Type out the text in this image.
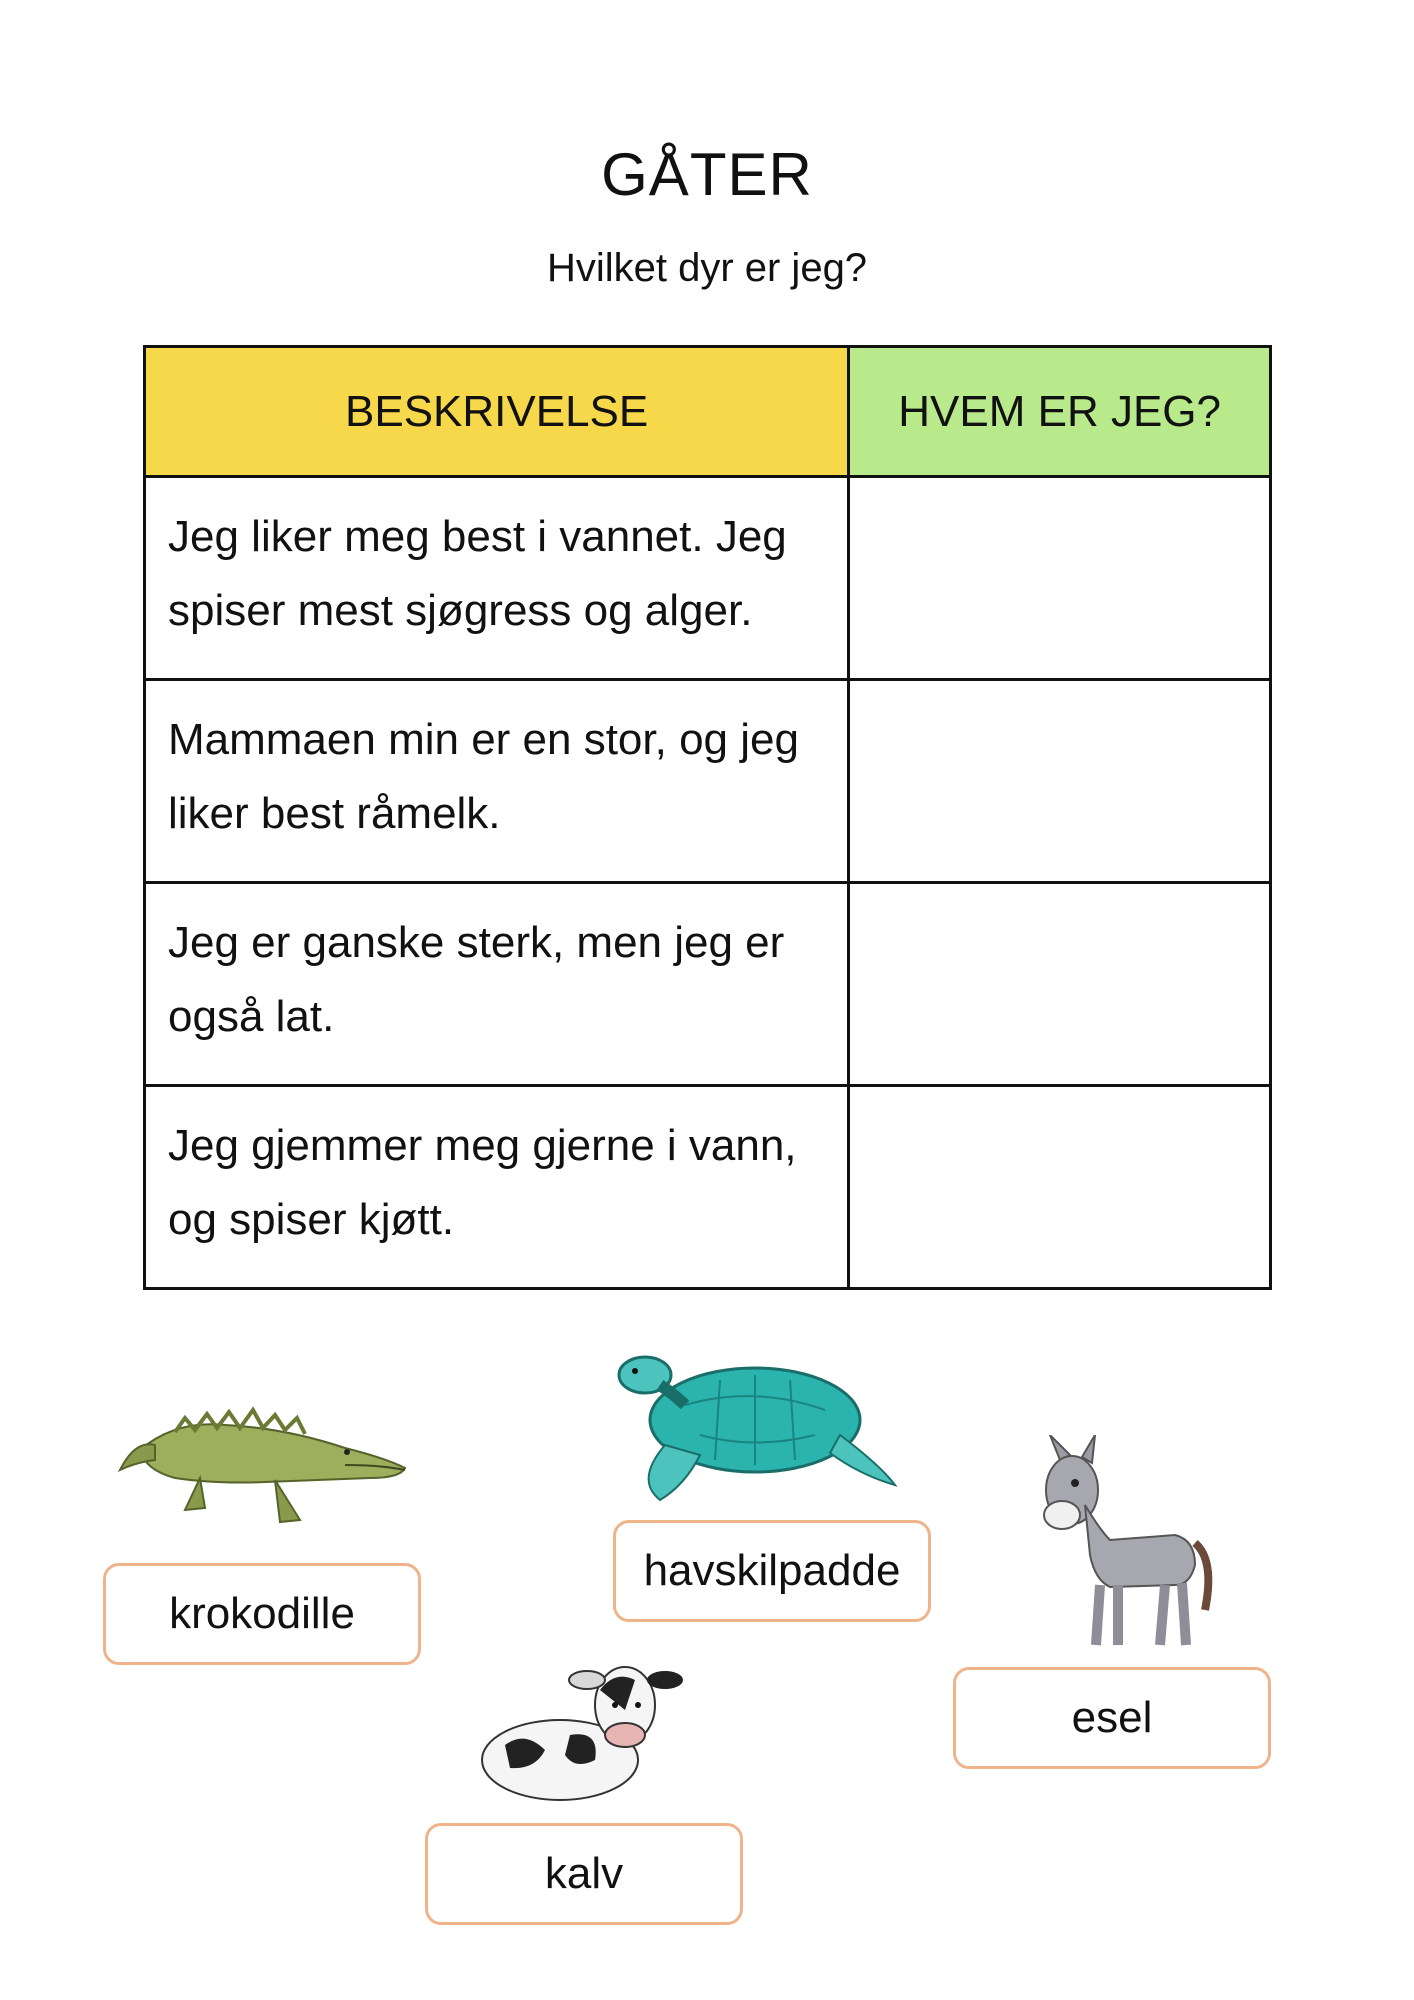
GÅTER
Hvilket dyr er jeg?
BESKRIVELSE	HVEM ER JEG?
Jeg liker meg best i vannet. Jeg spiser mest sjøgress og alger.	
Mammaen min er en stor, og jeg liker best råmelk.	
Jeg er ganske sterk, men jeg er også lat.	
Jeg gjemmer meg gjerne i vann, og spiser kjøtt.	
krokodille
havskilpadde
esel
kalv
